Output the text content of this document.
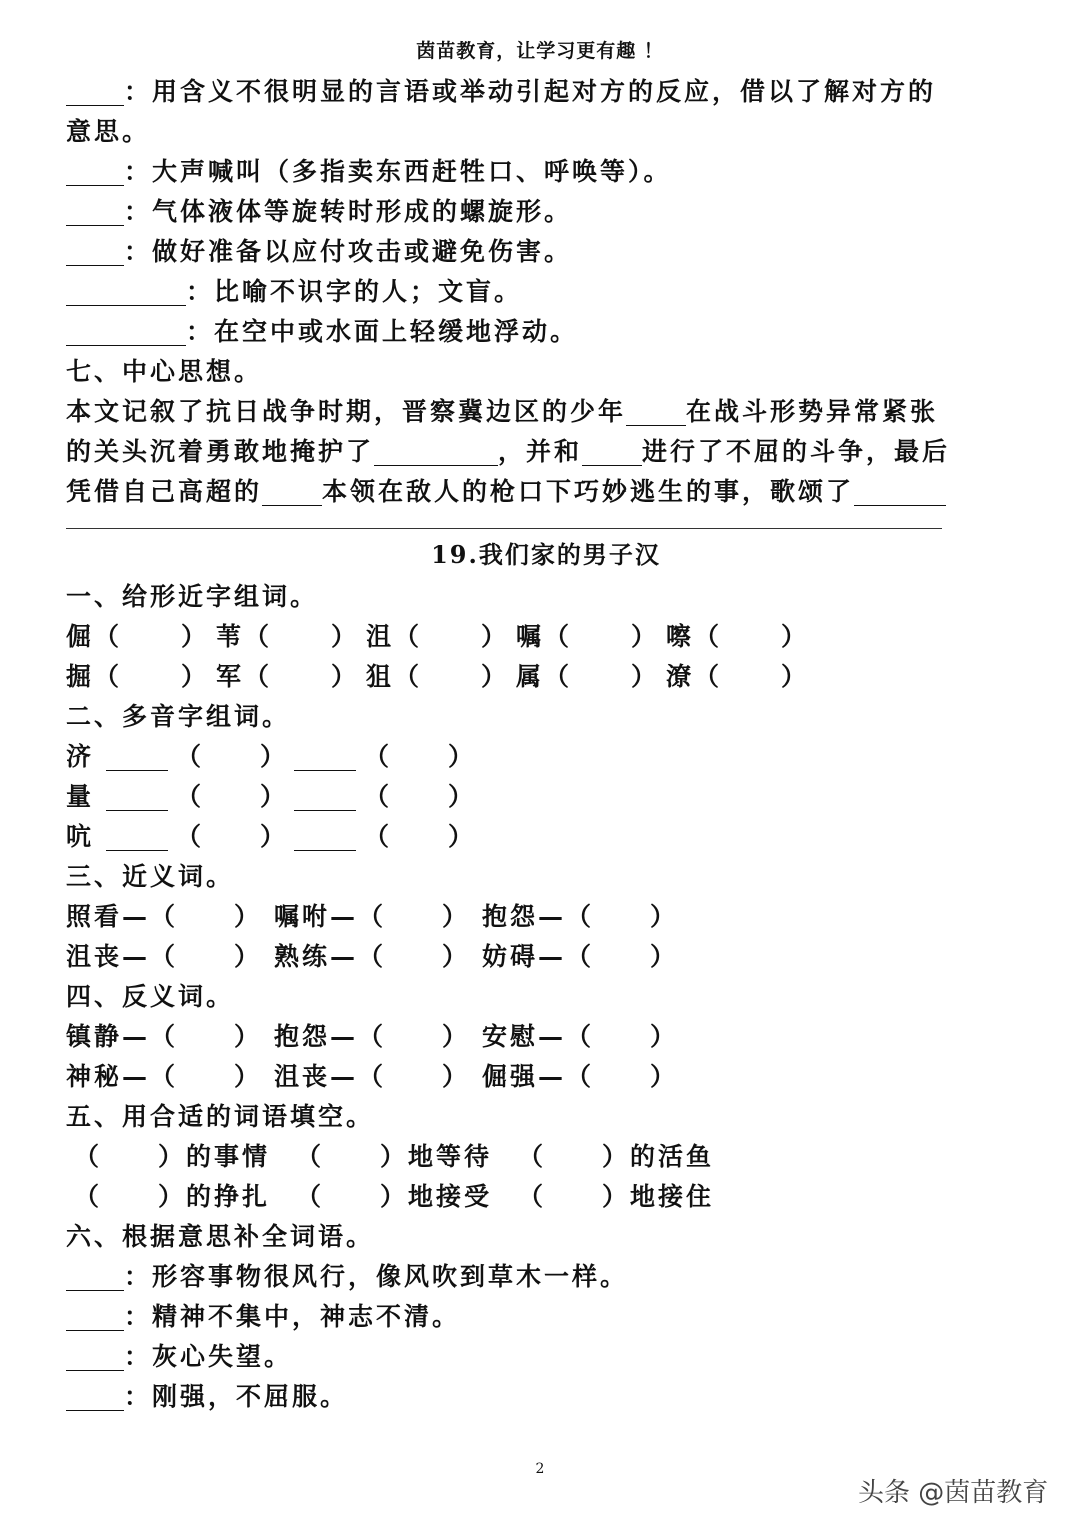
茵苗教育，让学习更有趣 ！
：用含义不很明显的言语或举动引起对方的反应，借以了解对方的
意思。
：大声喊叫（多指卖东西赶牲口、呼唤等）。
：气体液体等旋转时形成的螺旋形。
：做好准备以应付攻击或避免伤害。
：比喻不识字的人；文盲。
：在空中或水面上轻缓地浮动。
七、中心思想。
本文记叙了抗日战争时期，晋察冀边区的少年 在战斗形势异常紧张
的关头沉着勇敢地掩护了	，并和 进行了不屈的斗争，最后
凭借自己高超的 本领在敌人的枪口下巧妙逃生的事，歌颂了
19.我们家的男子汉
一、给形近字组词。
倔（　　） 苇（　　） 沮（　　） 嘱（　　） 嚓（　　）
掘（　　） 军（　　） 狙（　　） 属（　　） 潦（　　）
二、多音字组词。
济	（　　）	（　　）
量	（　　）	（　　）
吭	（　　）	（　　）
三、近义词。
照看—（　　） 嘱咐—（　　） 抱怨—（　　）
沮丧—（　　） 熟练—（　　） 妨碍—（　　）
四、反义词。
镇静—（　　） 抱怨—（　　） 安慰—（　　）
神秘—（　　） 沮丧—（　　） 倔强—（　　）
五、用合适的词语填空。
（　　）的事情 （　　）地等待 （　　）的活鱼
（　　）的挣扎 （　　）地接受 （　　）地接住
六、根据意思补全词语。
：形容事物很风行，像风吹到草木一样。
：精神不集中，神志不清。
：灰心失望。
：刚强，不屈服。
2
头条 @茵苗教育
